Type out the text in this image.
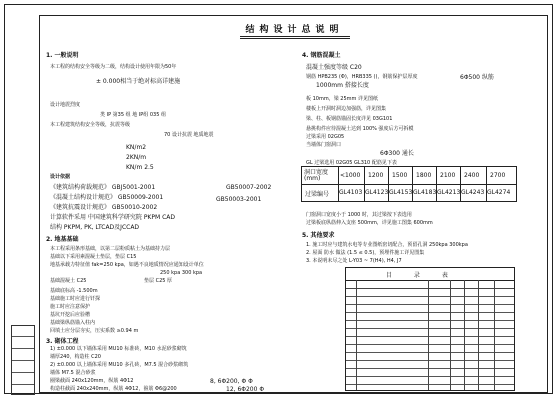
结构设计总说明
1. 一般说明
本工程的结构安全等级为二级，结构设计使用年限为50年
± 0.000相当于绝对标高详建施
设计地震烈度
类 IP 第35 组 地 IP组 035 组
本工程建筑结构安全等级，抗震等级
70 设计抗震 地质地震
KN/m2
2KN/m
KN/m 2.5
设计依据
《建筑结构荷载规范》 GBJ5001-2001	GB50007-2002
《混凝土结构设计规范》 GB50009-2001	GB50003-2001
《建筑抗震设计规范》 GB50010-2002
计算软件采用 中国建筑科学研究院 PKPM CAD
结构 PKPM, PK, LTCAD及JCCAD
2. 地基基础
本工程采用条形基础，以第二层粉质粘土为基础持力层
基础以下采用素混凝土垫层，垫层 C15
地基承载力特征值 fak=250 kpa，如遇不良地质情况应通知设计单位
250 kpa 300 kpa
基础混凝土 C25	垫层 C25 厚
基础底标高 -1.500m
基础施工时应进行钎探
施工时应注意保护
基坑开挖后应验槽
基础梁纵筋锚入柱内
回填土应分层夯实，压实系数 ≥0.94 m
3. 砌体工程
1) ±0.000 以下墙体采用 MU10 标准砖，M10 水泥砂浆砌筑
墙厚240，构造柱 C20
2) ±0.000 以上墙体采用 MU10 多孔砖，M7.5 混合砂浆砌筑
墙体 M7.5 混合砂浆
圈梁截面 240x120mm，纵筋 4Φ12	8, 6Φ200, Φ Φ
构造柱截面 240x240mm，纵筋 4Φ12，箍筋 Φ6@200	12, 6Φ200 Φ
4. 钢筋混凝土
混凝土强度等级 C20
钢筋 HPB235 (Φ)，HRB335 ()，钢筋保护层厚度	6Φ500 纵筋
1000mm 搭接长度
板 10mm，梁 25mm 详见图纸
楼板上开洞时洞边加强筋，详见图集
梁、柱、板钢筋锚固长度详见 03G101
悬挑构件应待混凝土达到 100% 强度后方可拆模
过梁采用 02G05
当墙体门窗洞口
6Φ300 通长
GL 过梁选用 02G05 GL310 配筋见下表
门窗洞口宽度小于 1000 时，其过梁按下表选用
过梁板底纵筋伸入支座 500mm，详见施工图集 600mm
5. 其他要求
1. 施工时应与建筑水电等专业图纸密切配合，预留孔洞 250kpa 300kpa
2. 屋面 防水 做法 (1.5 ≤ 0.5)，预埋件施工详见图集
3. 本说明未尽之处 L-Y03 ~ 7(H4), H4, J7
洞口宽度 (mm)	<1000 1200 1500 1800 2100 2400 2700
过梁编号 GL4103 GL4123 GL4153 GL4183 GL4213 GL4243 GL4274
目 录 表
